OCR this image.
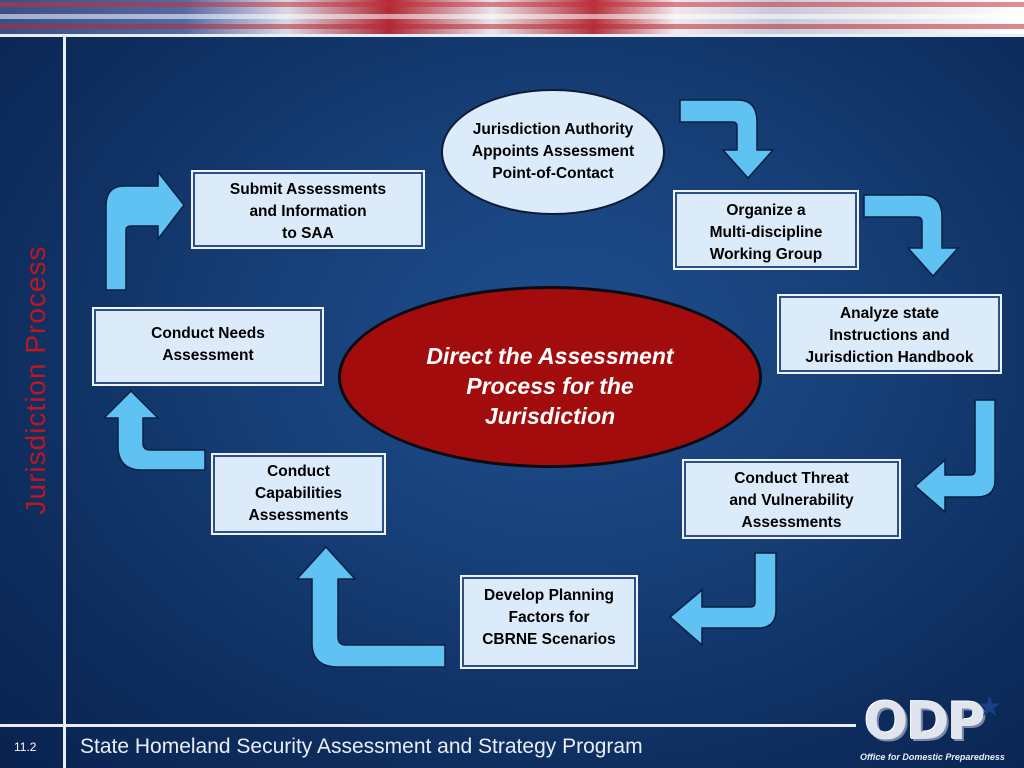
Jurisdiction Process
Jurisdiction Authority
Appoints Assessment
Point-of-Contact
Organize a
Multi-discipline
Working Group
Analyze state
Instructions and
Jurisdiction Handbook
Conduct Threat
and Vulnerability
Assessments
Develop Planning
Factors for
CBRNE Scenarios
Conduct
Capabilities
Assessments
Conduct Needs
Assessment
Submit Assessments
and Information
to SAA
Direct the Assessment
Process for the
Jurisdiction
11.2 State Homeland Security Assessment and Strategy Program	ODP
★
Office for Domestic Preparedness
